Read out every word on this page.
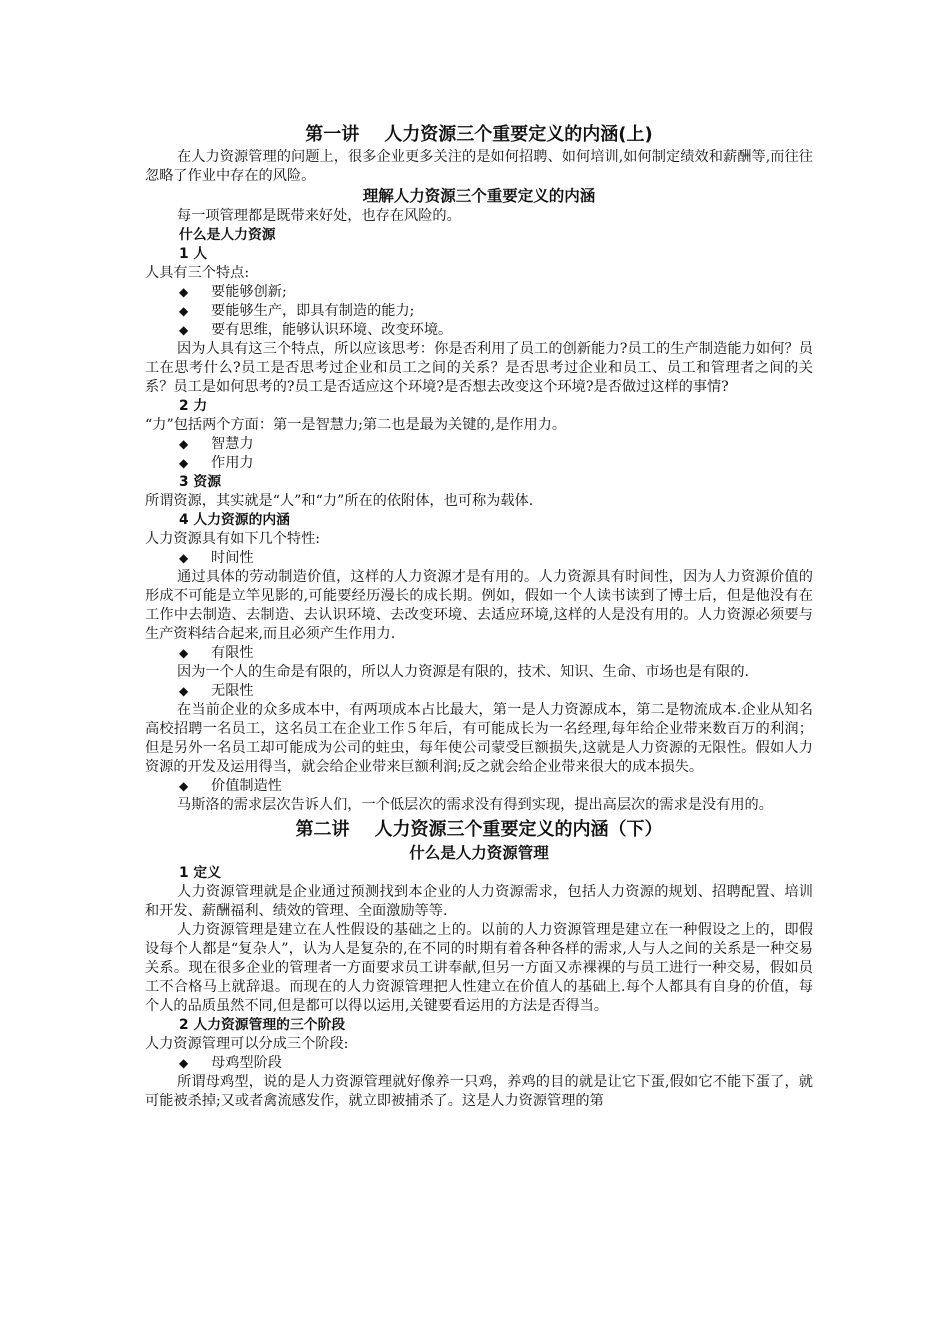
第一讲    人力资源三个重要定义的内涵(上)

在人力资源管理的问题上，很多企业更多关注的是如何招聘、如何培训,如何制定绩效和薪酬等,而往往忽略了作业中存在的风险。

理解人力资源三个重要定义的内涵

每一项管理都是既带来好处，也存在风险的。

什么是人力资源

1 人

人具有三个特点:

◆ 要能够创新;

◆ 要能够生产，即具有制造的能力;

◆ 要有思维，能够认识环境、改变环境。

因为人具有这三个特点，所以应该思考：你是否利用了员工的创新能力?员工的生产制造能力如何？员工在思考什么?员工是否思考过企业和员工之间的关系？是否思考过企业和员工、员工和管理者之间的关系？员工是如何思考的?员工是否适应这个环境?是否想去改变这个环境?是否做过这样的事情?

2 力

“力”包括两个方面：第一是智慧力;第二也是最为关键的,是作用力。

◆ 智慧力

◆ 作用力

3 资源

所谓资源，其实就是“人”和“力”所在的依附体，也可称为载体.

4 人力资源的内涵

人力资源具有如下几个特性:

◆ 时间性

通过具体的劳动制造价值，这样的人力资源才是有用的。人力资源具有时间性，因为人力资源价值的形成不可能是立竿见影的,可能要经历漫长的成长期。例如，假如一个人读书读到了博士后，但是他没有在工作中去制造、去制造、去认识环境、去改变环境、去适应环境,这样的人是没有用的。人力资源必须要与生产资料结合起来,而且必须产生作用力.

◆ 有限性

因为一个人的生命是有限的，所以人力资源是有限的，技术、知识、生命、市场也是有限的.

◆ 无限性

在当前企业的众多成本中，有两项成本占比最大，第一是人力资源成本，第二是物流成本.企业从知名高校招聘一名员工，这名员工在企业工作５年后，有可能成长为一名经理,每年给企业带来数百万的利润；但是另外一名员工却可能成为公司的蛀虫，每年使公司蒙受巨额损失,这就是人力资源的无限性。假如人力资源的开发及运用得当，就会给企业带来巨额利润;反之就会给企业带来很大的成本损失。

◆ 价值制造性

马斯洛的需求层次告诉人们，一个低层次的需求没有得到实现，提出高层次的需求是没有用的。

第二讲    人力资源三个重要定义的内涵（下）

什么是人力资源管理

1 定义

人力资源管理就是企业通过预测找到本企业的人力资源需求，包括人力资源的规划、招聘配置、培训和开发、薪酬福利、绩效的管理、全面激励等等.

人力资源管理是建立在人性假设的基础之上的。以前的人力资源管理是建立在一种假设之上的，即假设每个人都是“复杂人”，认为人是复杂的,在不同的时期有着各种各样的需求,人与人之间的关系是一种交易关系。现在很多企业的管理者一方面要求员工讲奉献,但另一方面又赤裸裸的与员工进行一种交易，假如员工不合格马上就辞退。而现在的人力资源管理把人性建立在价值人的基础上.每个人都具有自身的价值，每个人的品质虽然不同,但是都可以得以运用,关键要看运用的方法是否得当。

2 人力资源管理的三个阶段

人力资源管理可以分成三个阶段:

◆ 母鸡型阶段

所谓母鸡型，说的是人力资源管理就好像养一只鸡，养鸡的目的就是让它下蛋,假如它不能下蛋了，就可能被杀掉;又或者禽流感发作，就立即被捕杀了。这是人力资源管理的第
